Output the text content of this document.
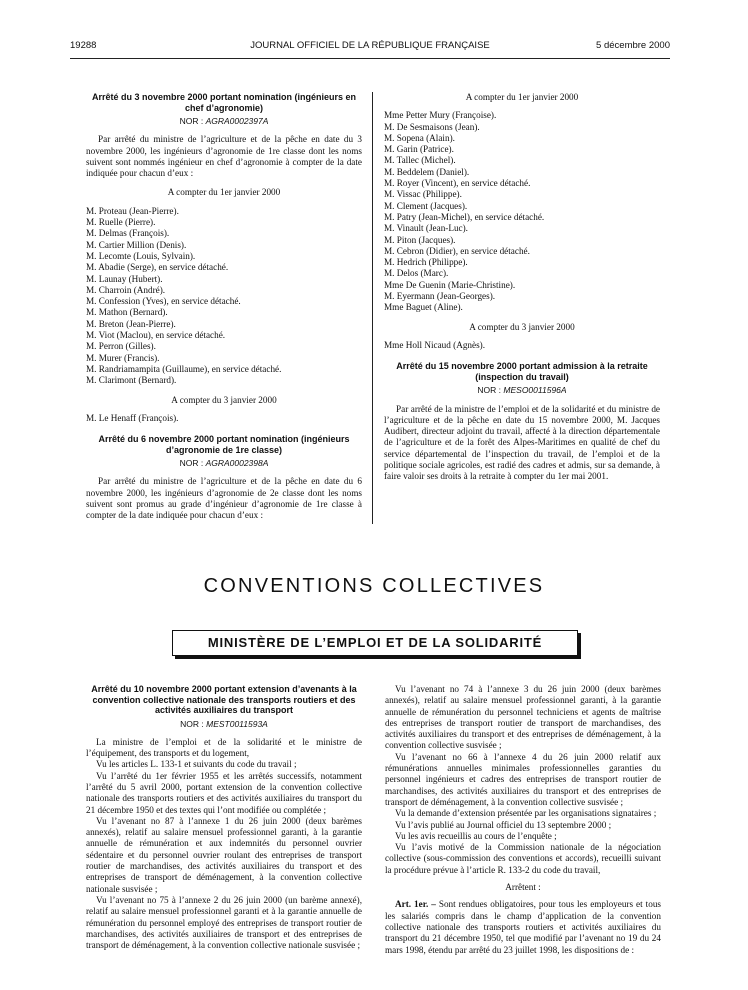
19288	JOURNAL OFFICIEL DE LA RÉPUBLIQUE FRANÇAISE	5 décembre 2000
Arrêté du 3 novembre 2000 portant nomination (ingénieurs en chef d’agronomie)
NOR : AGRA0002397A

Par arrêté du ministre de l’agriculture et de la pêche en date du 3 novembre 2000, les ingénieurs d’agronomie de 1re classe dont les noms suivent sont nommés ingénieur en chef d’agronomie à compter de la date indiquée pour chacun d’eux :

A compter du 1er janvier 2000
M. Proteau (Jean-Pierre).
M. Ruelle (Pierre).
M. Delmas (François).
M. Cartier Million (Denis).
M. Lecomte (Louis, Sylvain).
M. Abadie (Serge), en service détaché.
M. Launay (Hubert).
M. Charroin (André).
M. Confession (Yves), en service détaché.
M. Mathon (Bernard).
M. Breton (Jean-Pierre).
M. Viot (Maclou), en service détaché.
M. Perron (Gilles).
M. Murer (Francis).
M. Randriamampita (Guillaume), en service détaché.
M. Clarimont (Bernard).
A compter du 3 janvier 2000
M. Le Henaff (François).
Arrêté du 6 novembre 2000 portant nomination (ingénieurs d’agronomie de 1re classe)
NOR : AGRA0002398A

Par arrêté du ministre de l’agriculture et de la pêche en date du 6 novembre 2000, les ingénieurs d’agronomie de 2e classe dont les noms suivent sont promus au grade d’ingénieur d’agronomie de 1re classe à compter de la date indiquée pour chacun d’eux :

A compter du 1er janvier 2000
Mme Petter Mury (Françoise).
M. De Sesmaisons (Jean).
M. Sopena (Alain).
M. Garin (Patrice).
M. Tallec (Michel).
M. Beddelem (Daniel).
M. Royer (Vincent), en service détaché.
M. Vissac (Philippe).
M. Clement (Jacques).
M. Patry (Jean-Michel), en service détaché.
M. Vinault (Jean-Luc).
M. Piton (Jacques).
M. Cebron (Didier), en service détaché.
M. Hedrich (Philippe).
M. Delos (Marc).
Mme De Guenin (Marie-Christine).
M. Eyermann (Jean-Georges).
Mme Baguet (Aline).
A compter du 3 janvier 2000
Mme Holl Nicaud (Agnès).
Arrêté du 15 novembre 2000 portant admission à la retraite (inspection du travail)
NOR : MESO0011596A

Par arrêté de la ministre de l’emploi et de la solidarité et du ministre de l’agriculture et de la pêche en date du 15 novembre 2000, M. Jacques Audibert, directeur adjoint du travail, affecté à la direction départementale de l’agriculture et de la forêt des Alpes-Maritimes en qualité de chef du service départemental de l’inspection du travail, de l’emploi et de la politique sociale agricoles, est radié des cadres et admis, sur sa demande, à faire valoir ses droits à la retraite à compter du 1er mai 2001.

CONVENTIONS COLLECTIVES
MINISTÈRE DE L’EMPLOI ET DE LA SOLIDARITÉ
Arrêté du 10 novembre 2000 portant extension d’avenants à la convention collective nationale des transports routiers et des activités auxiliaires du transport
NOR : MEST0011593A

La ministre de l’emploi et de la solidarité et le ministre de l’équipement, des transports et du logement,

Vu les articles L. 133-1 et suivants du code du travail ;

Vu l’arrêté du 1er février 1955 et les arrêtés successifs, notamment l’arrêté du 5 avril 2000, portant extension de la convention collective nationale des transports routiers et des activités auxiliaires du transport du 21 décembre 1950 et des textes qui l’ont modifiée ou complétée ;

Vu l’avenant no 87 à l’annexe 1 du 26 juin 2000 (deux barèmes annexés), relatif au salaire mensuel professionnel garanti, à la garantie annuelle de rémunération et aux indemnités du personnel ouvrier sédentaire et du personnel ouvrier roulant des entreprises de transport routier de marchandises, des activités auxiliaires du transport et des entreprises de transport de déménagement, à la convention collective nationale susvisée ;

Vu l’avenant no 75 à l’annexe 2 du 26 juin 2000 (un barème annexé), relatif au salaire mensuel professionnel garanti et à la garantie annuelle de rémunération du personnel employé des entreprises de transport routier de marchandises, des activités auxiliaires de transport et des entreprises de transport de déménagement, à la convention collective nationale susvisée ;

Vu l’avenant no 74 à l’annexe 3 du 26 juin 2000 (deux barèmes annexés), relatif au salaire mensuel professionnel garanti, à la garantie annuelle de rémunération du personnel techniciens et agents de maîtrise des entreprises de transport routier de transport de marchandises, des activités auxiliaires du transport et des entreprises de déménagement, à la convention collective susvisée ;

Vu l’avenant no 66 à l’annexe 4 du 26 juin 2000 relatif aux rémunérations annuelles minimales professionnelles garanties du personnel ingénieurs et cadres des entreprises de transport routier de marchandises, des activités auxiliaires du transport et des entreprises de transport de déménagement, à la convention collective susvisée ;

Vu la demande d’extension présentée par les organisations signataires ;

Vu l’avis publié au Journal officiel du 13 septembre 2000 ;

Vu les avis recueillis au cours de l’enquête ;

Vu l’avis motivé de la Commission nationale de la négociation collective (sous-commission des conventions et accords), recueilli suivant la procédure prévue à l’article R. 133-2 du code du travail,

Arrêtent :

Art. 1er. – Sont rendues obligatoires, pour tous les employeurs et tous les salariés compris dans le champ d’application de la convention collective nationale des transports routiers et activités auxiliaires du transport du 21 décembre 1950, tel que modifié par l’avenant no 19 du 24 mars 1998, étendu par arrêté du 23 juillet 1998, les dispositions de :
